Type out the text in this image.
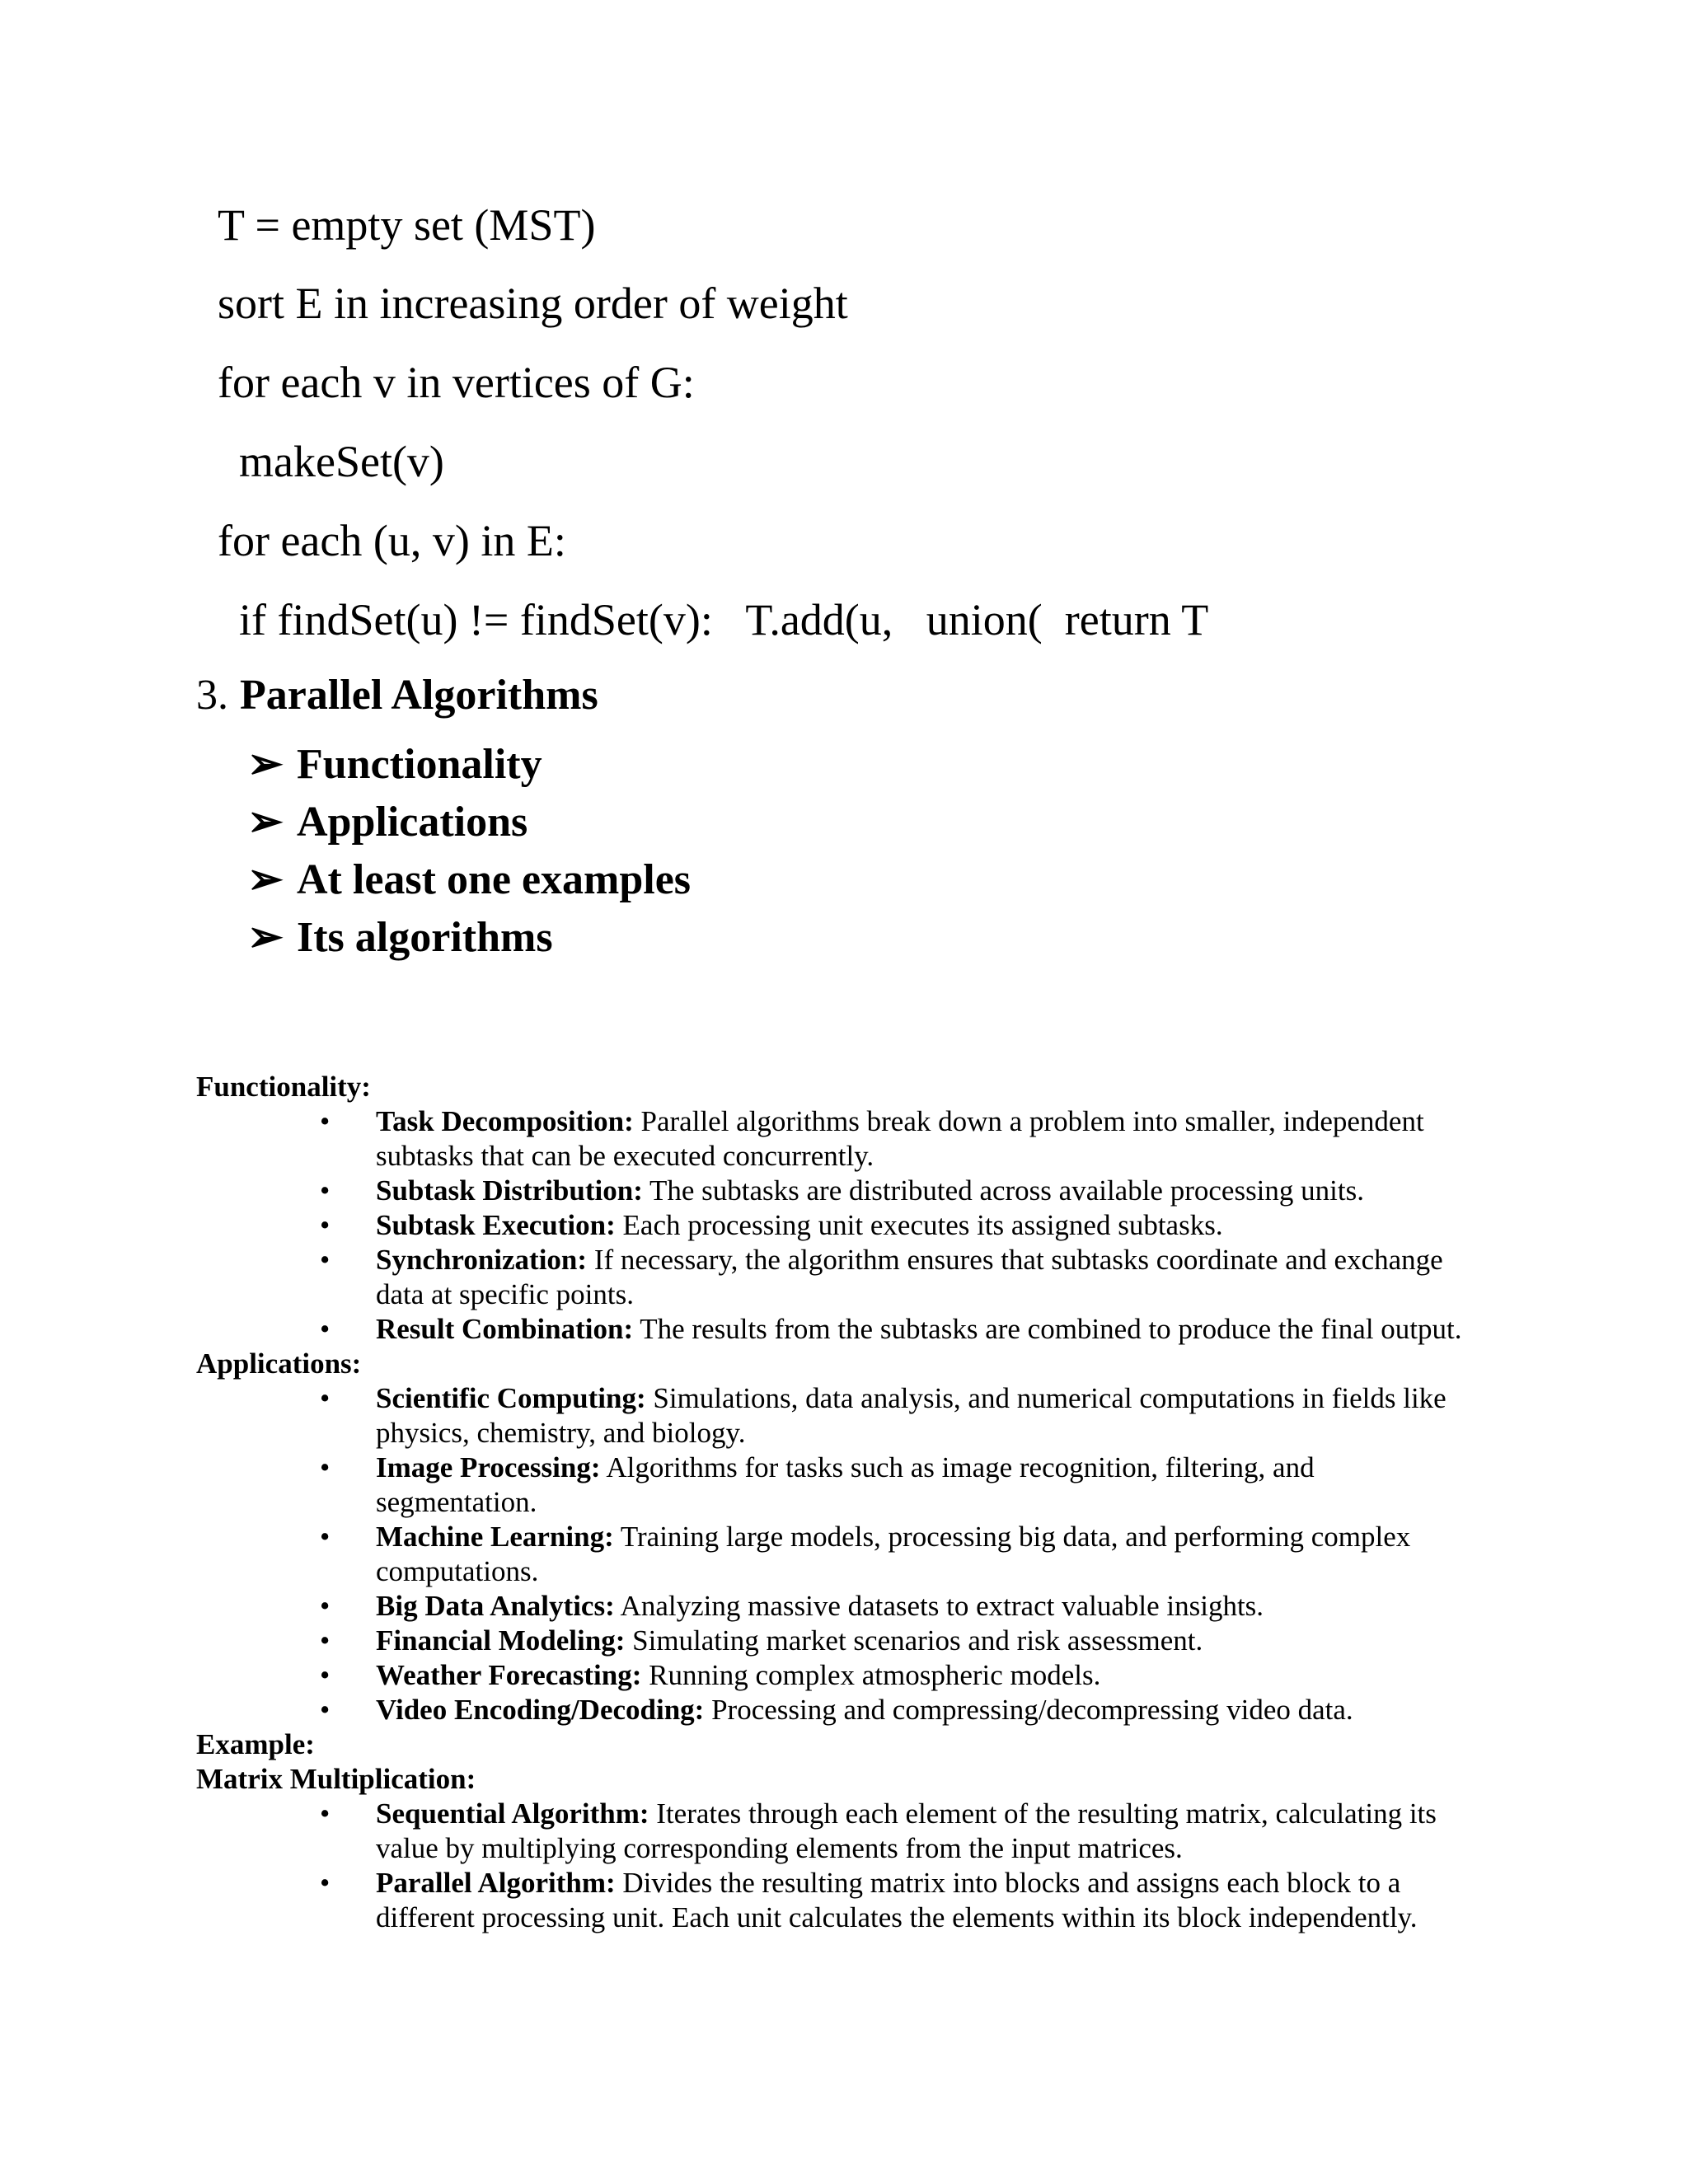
T = empty set (MST)
sort E in increasing order of weight
for each v in vertices of G:
makeSet(v)
for each (u, v) in E:
if findSet(u) != findSet(v):   T.add(u,   union(  return T
3. Parallel Algorithms
➢ Functionality
➢ Applications
➢ At least one examples
➢ Its algorithms
Functionality:
• Task Decomposition: Parallel algorithms break down a problem into smaller, independent subtasks that can be executed concurrently.
• Subtask Distribution: The subtasks are distributed across available processing units.
• Subtask Execution: Each processing unit executes its assigned subtasks.
• Synchronization: If necessary, the algorithm ensures that subtasks coordinate and exchange data at specific points.
• Result Combination: The results from the subtasks are combined to produce the final output.
Applications:
• Scientific Computing: Simulations, data analysis, and numerical computations in fields like physics, chemistry, and biology.
• Image Processing: Algorithms for tasks such as image recognition, filtering, and segmentation.
• Machine Learning: Training large models, processing big data, and performing complex computations.
• Big Data Analytics: Analyzing massive datasets to extract valuable insights.
• Financial Modeling: Simulating market scenarios and risk assessment.
• Weather Forecasting: Running complex atmospheric models.
• Video Encoding/Decoding: Processing and compressing/decompressing video data.
Example:
Matrix Multiplication:
• Sequential Algorithm: Iterates through each element of the resulting matrix, calculating its value by multiplying corresponding elements from the input matrices.
• Parallel Algorithm: Divides the resulting matrix into blocks and assigns each block to a different processing unit. Each unit calculates the elements within its block independently.
